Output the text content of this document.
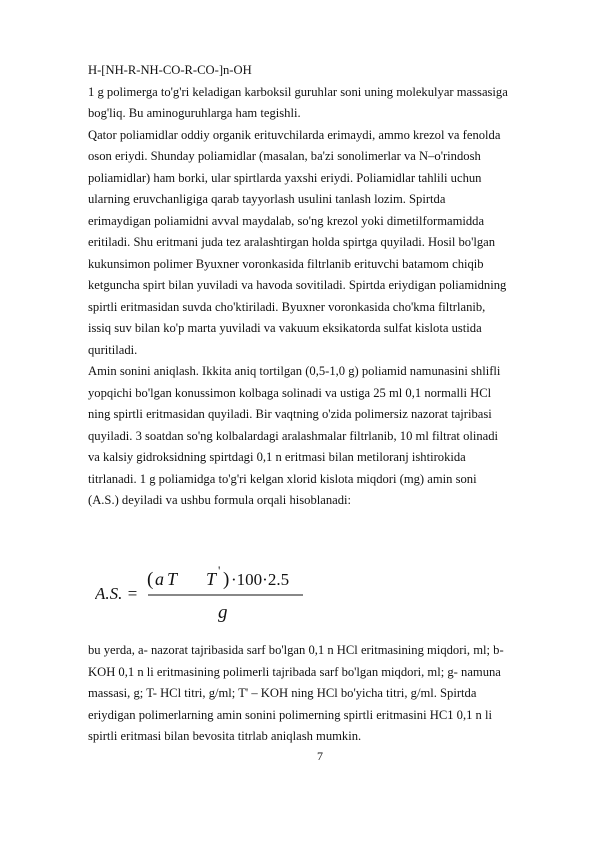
H-[NH-R-NH-CO-R-CO-]n-OH
1 g polimerga to'g'ri keladigan karboksil guruhlar soni uning molekulyar massasiga
bog'liq. Bu aminoguruhlarga ham tegishli.
Qator poliamidlar oddiy organik erituvchilarda erimaydi, ammo krezol va fenolda
oson eriydi. Shunday poliamidlar (masalan, ba'zi sonolimerlar va N–o'rindosh
poliamidlar) ham borki, ular spirtlarda yaxshi eriydi. Poliamidlar tahlili uchun
ularning eruvchanligiga qarab tayyorlash usulini tanlash lozim. Spirtda
erimaydigan poliamidni avval maydalab, so'ng krezol yoki dimetilformamidda
eritiladi. Shu eritmani juda tez aralashtirgan holda spirtga quyiladi. Hosil bo'lgan
kukunsimon polimer Byuxner voronkasida filtrlanib erituvchi batamom chiqib
ketguncha spirt bilan yuviladi va havoda sovitiladi. Spirtda eriydigan poliamidning
spirtli eritmasidan suvda cho'ktiriladi. Byuxner voronkasida cho'kma filtrlanib,
issiq suv bilan ko'p marta yuviladi va vakuum eksikatorda sulfat kislota ustida
quritiladi.
Amin sonini aniqlash. Ikkita aniq tortilgan (0,5-1,0 g) poliamid namunasini shlifli
yopqichi bo'lgan konussimon kolbaga solinadi va ustiga 25 ml 0,1 normalli HCl
ning spirtli eritmasidan quyiladi. Bir vaqtning o'zida polimersiz nazorat tajribasi
quyiladi. 3 soatdan so'ng kolbalardagi aralashmalar filtrlanib, 10 ml filtrat olinadi
va kalsiy gidroksidning spirtdagi 0,1 n eritmasi bilan metiloranj ishtirokida
titrlanadi. 1 g poliamidga to'g'ri kelgan xlorid kislota miqdori (mg) amin soni
(A.S.) deyiladi va ushbu formula orqali hisoblanadi:
A.S. =
( a T T ' ) ·100·2.5
g
bu yerda, a- nazorat tajribasida sarf bo'lgan 0,1 n HCl eritmasining miqdori, ml; b-
KOH 0,1 n li eritmasining polimerli tajribada sarf bo'lgan miqdori, ml; g- namuna
massasi, g; T- HCl titri, g/ml; T' – KOH ning HCl bo'yicha titri, g/ml. Spirtda
eriydigan polimerlarning amin sonini polimerning spirtli eritmasini HC1 0,1 n li
spirtli eritmasi bilan bevosita titrlab aniqlash mumkin.
7
